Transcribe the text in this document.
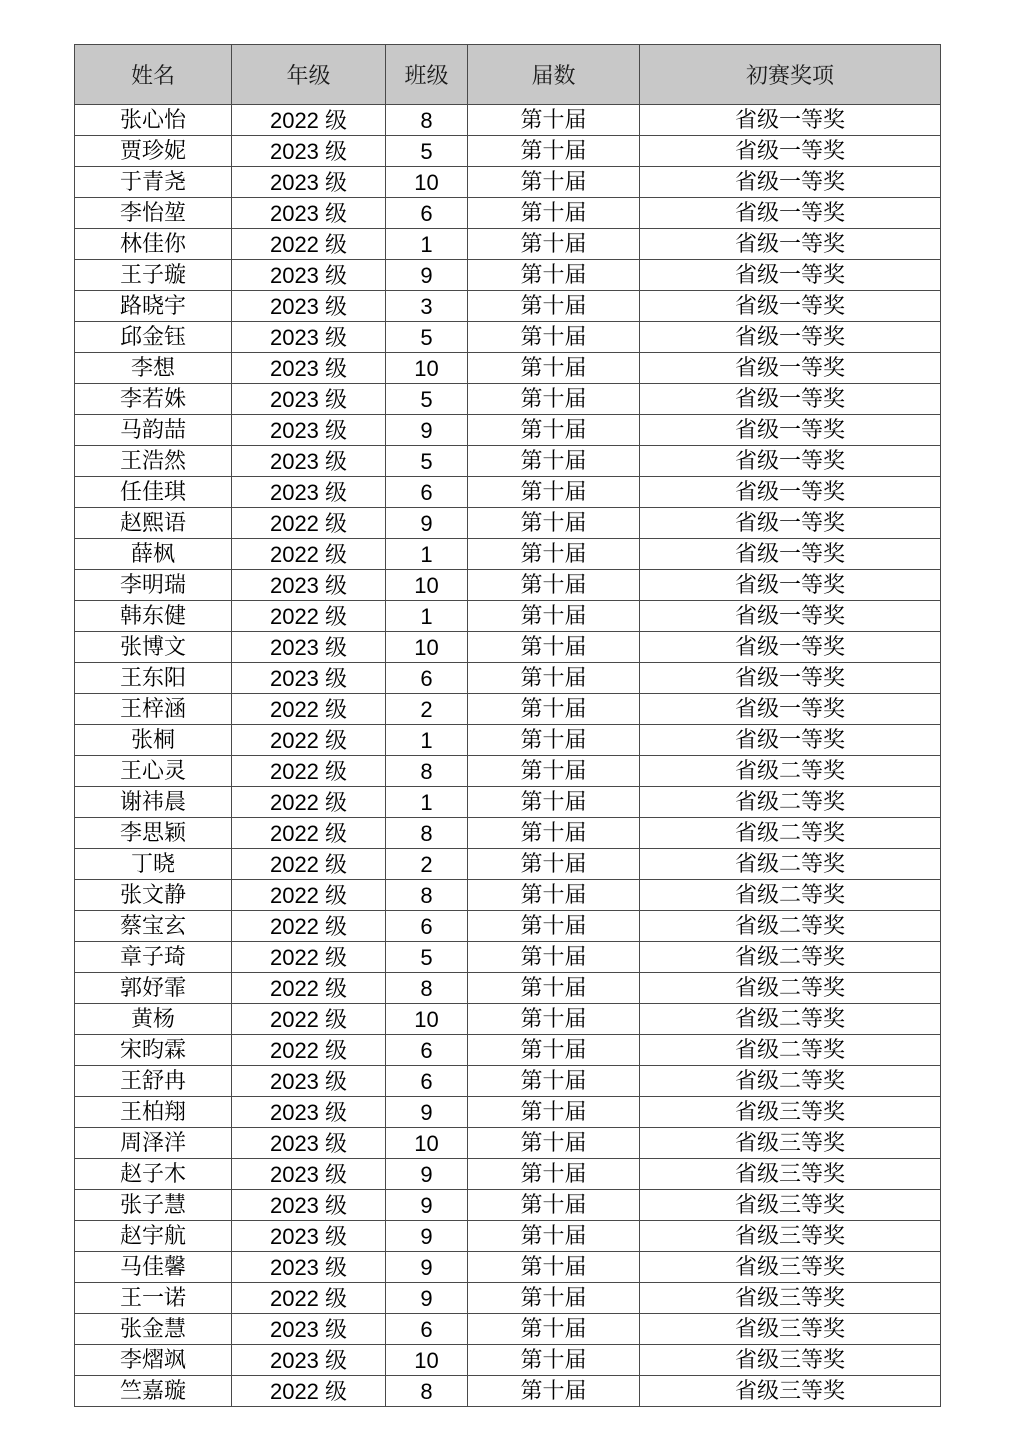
姓名	年级	班级	届数	初赛奖项
张心怡	2022 级	8	第十届	省级一等奖
贾珍妮	2023 级	5	第十届	省级一等奖
于青尧	2023 级	10	第十届	省级一等奖
李怡堃	2023 级	6	第十届	省级一等奖
林佳你	2022 级	1	第十届	省级一等奖
王子璇	2023 级	9	第十届	省级一等奖
路晓宇	2023 级	3	第十届	省级一等奖
邱金钰	2023 级	5	第十届	省级一等奖
李想	2023 级	10	第十届	省级一等奖
李若姝	2023 级	5	第十届	省级一等奖
马韵喆	2023 级	9	第十届	省级一等奖
王浩然	2023 级	5	第十届	省级一等奖
任佳琪	2023 级	6	第十届	省级一等奖
赵熙语	2022 级	9	第十届	省级一等奖
薛枫	2022 级	1	第十届	省级一等奖
李明瑞	2023 级	10	第十届	省级一等奖
韩东健	2022 级	1	第十届	省级一等奖
张博文	2023 级	10	第十届	省级一等奖
王东阳	2023 级	6	第十届	省级一等奖
王梓涵	2022 级	2	第十届	省级一等奖
张桐	2022 级	1	第十届	省级一等奖
王心灵	2022 级	8	第十届	省级二等奖
谢祎晨	2022 级	1	第十届	省级二等奖
李思颖	2022 级	8	第十届	省级二等奖
丁晓	2022 级	2	第十届	省级二等奖
张文静	2022 级	8	第十届	省级二等奖
蔡宝玄	2022 级	6	第十届	省级二等奖
章子琦	2022 级	5	第十届	省级二等奖
郭妤霏	2022 级	8	第十届	省级二等奖
黄杨	2022 级	10	第十届	省级二等奖
宋昀霖	2022 级	6	第十届	省级二等奖
王舒冉	2023 级	6	第十届	省级二等奖
王柏翔	2023 级	9	第十届	省级三等奖
周泽洋	2023 级	10	第十届	省级三等奖
赵子木	2023 级	9	第十届	省级三等奖
张子慧	2023 级	9	第十届	省级三等奖
赵宇航	2023 级	9	第十届	省级三等奖
马佳馨	2023 级	9	第十届	省级三等奖
王一诺	2022 级	9	第十届	省级三等奖
张金慧	2023 级	6	第十届	省级三等奖
李熠飒	2023 级	10	第十届	省级三等奖
竺嘉璇	2022 级	8	第十届	省级三等奖
